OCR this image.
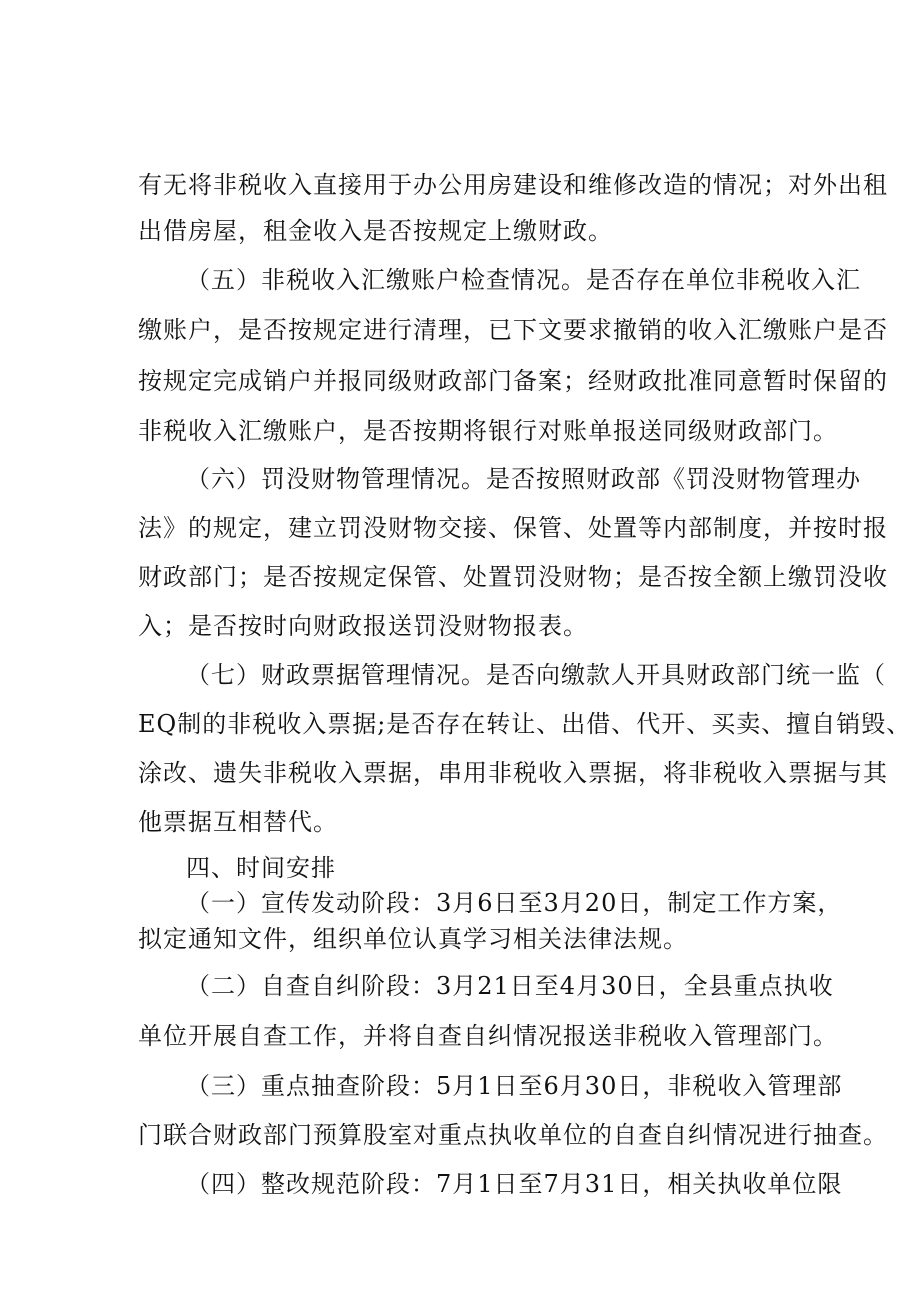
有无将非税收入直接用于办公用房建设和维修改造的情况；对外出租
出借房屋，租金收入是否按规定上缴财政。
（五）非税收入汇缴账户检查情况。是否存在单位非税收入汇
缴账户，是否按规定进行清理，已下文要求撤销的收入汇缴账户是否
按规定完成销户并报同级财政部门备案；经财政批准同意暂时保留的
非税收入汇缴账户，是否按期将银行对账单报送同级财政部门。
（六）罚没财物管理情况。是否按照财政部《罚没财物管理办
法》的规定，建立罚没财物交接、保管、处置等内部制度，并按时报
财政部门；是否按规定保管、处置罚没财物；是否按全额上缴罚没收
入；是否按时向财政报送罚没财物报表。
（七）财政票据管理情况。是否向缴款人开具财政部门统一监（
EQ制的非税收入票据;是否存在转让、出借、代开、买卖、擅自销毁、
涂改、遗失非税收入票据，串用非税收入票据，将非税收入票据与其
他票据互相替代。
四、时间安排
（一）宣传发动阶段：3月6日至3月20日，制定工作方案，
拟定通知文件，组织单位认真学习相关法律法规。
（二）自查自纠阶段：3月21日至4月30日，全县重点执收
单位开展自查工作，并将自查自纠情况报送非税收入管理部门。
（三）重点抽查阶段：5月1日至6月30日，非税收入管理部
门联合财政部门预算股室对重点执收单位的自查自纠情况进行抽查。
（四）整改规范阶段：7月1日至7月31日，相关执收单位限
